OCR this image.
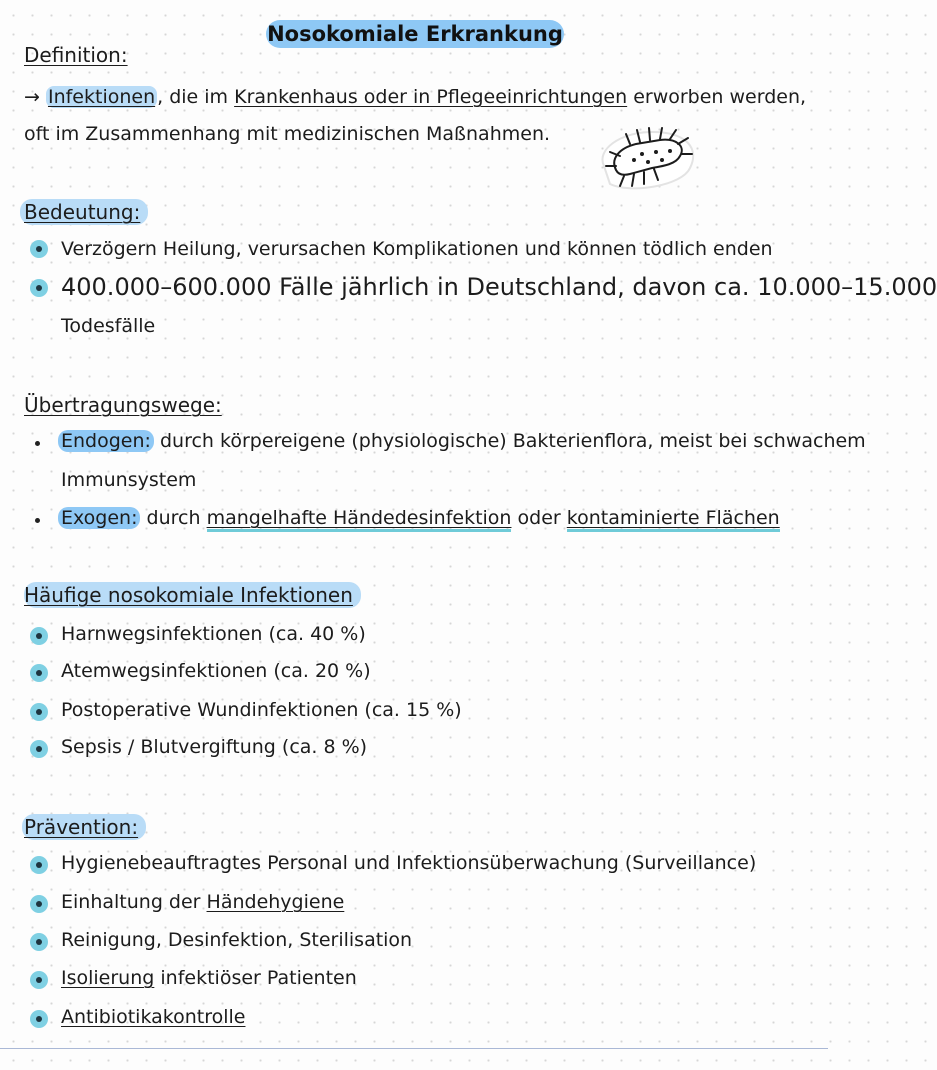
Nosokomiale Erkrankung
Definition:
→ Infektionen , die im Krankenhaus oder in Pflegeeinrichtungen erworben werden,
oft im Zusammenhang mit medizinischen Maßnahmen.
Bedeutung:
Verzögern Heilung, verursachen Komplikationen und können tödlich enden
400.000–600.000 Fälle jährlich in Deutschland, davon ca. 10.000–15.000
Todesfälle
Übertragungswege:
Endogen: durch körpereigene (physiologische) Bakterienflora, meist bei schwachem
Immunsystem
Exogen: durch mangelhafte Händedesinfektion oder kontaminierte Flächen
Häufige nosokomiale Infektionen
Harnwegsinfektionen (ca. 40 %)
Atemwegsinfektionen (ca. 20 %)
Postoperative Wundinfektionen (ca. 15 %)
Sepsis / Blutvergiftung (ca. 8 %)
Prävention:
Hygienebeauftragtes Personal und Infektionsüberwachung (Surveillance)
Einhaltung der Händehygiene
Reinigung, Desinfektion, Sterilisation
Isolierung infektiöser Patienten
Antibiotikakontrolle
